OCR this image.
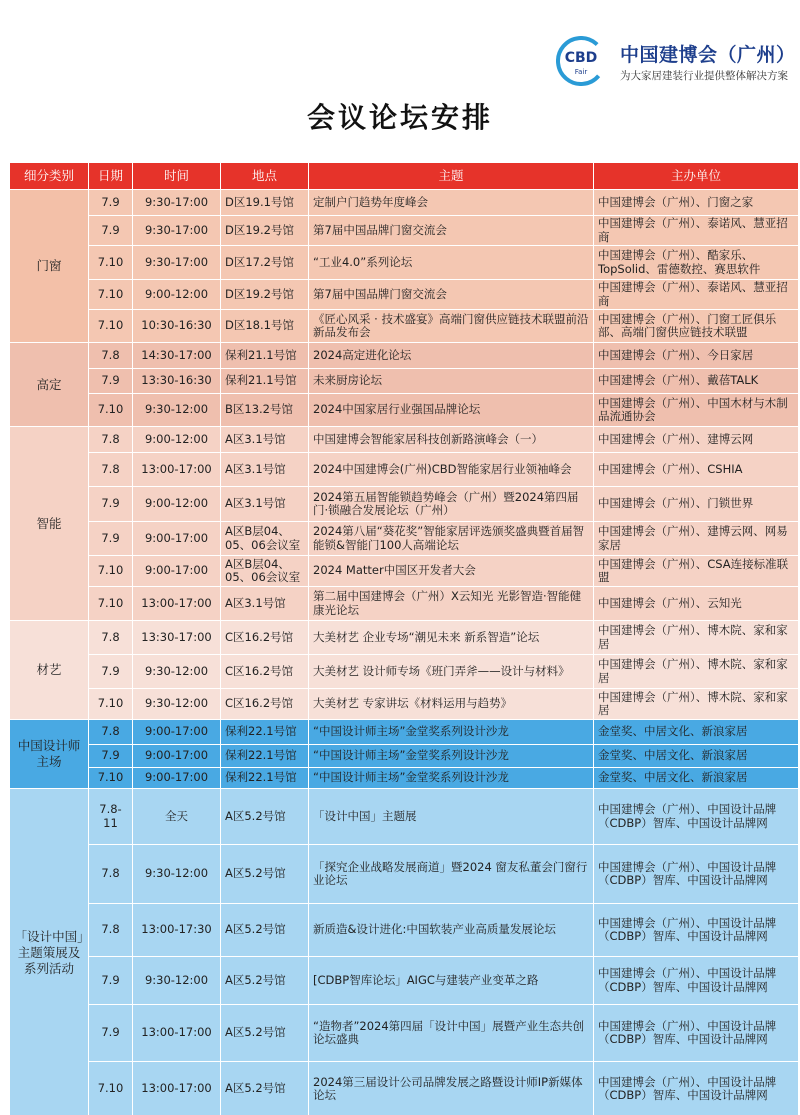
CBD
Fair
中国建博会（广州）
为大家居建装行业提供整体解决方案
会议论坛安排
细分类别	日期	时间	地点	主题	主办单位
门窗	7.9	9:30-17:00	D区19.1号馆	定制户门趋势年度峰会	中国建博会（广州）、门窗之家
	7.9	9:30-17:00	D区19.2号馆	第7届中国品牌门窗交流会	中国建博会（广州）、泰诺风、慧亚招商
	7.10	9:30-17:00	D区17.2号馆	“工业4.0”系列论坛	中国建博会（广州）、酷家乐、TopSolid、雷德数控、赛思软件
	7.10	9:00-12:00	D区19.2号馆	第7届中国品牌门窗交流会	中国建博会（广州）、泰诺风、慧亚招商
	7.10	10:30-16:30	D区18.1号馆	《匠心风采 · 技术盛宴》高端门窗供应链技术联盟前沿新品发布会	中国建博会（广州）、门窗工匠俱乐部、高端门窗供应链技术联盟
高定	7.8	14:30-17:00	保利21.1号馆	2024高定进化论坛	中国建博会（广州）、今日家居
	7.9	13:30-16:30	保利21.1号馆	未来厨房论坛	中国建博会（广州）、戴蓓TALK
	7.10	9:30-12:00	B区13.2号馆	2024中国家居行业强国品牌论坛	中国建博会（广州）、中国木材与木制品流通协会
智能	7.8	9:00-12:00	A区3.1号馆	中国建博会智能家居科技创新路演峰会（一）	中国建博会（广州）、建博云网
	7.8	13:00-17:00	A区3.1号馆	2024中国建博会(广州)CBD智能家居行业领袖峰会	中国建博会（广州）、CSHIA
	7.9	9:00-12:00	A区3.1号馆	2024第五届智能锁趋势峰会（广州）暨2024第四届门·锁融合发展论坛（广州）	中国建博会（广州）、门锁世界
	7.9	9:00-17:00	A区B层04、05、06会议室	2024第八届“葵花奖”智能家居评选颁奖盛典暨首届智能锁&智能门100人高端论坛	中国建博会（广州）、建博云网、网易家居
	7.10	9:00-17:00	A区B层04、05、06会议室	2024 Matter中国区开发者大会	中国建博会（广州）、CSA连接标准联盟
	7.10	13:00-17:00	A区3.1号馆	第二届中国建博会（广州）X云知光 光影智造·智能健康光论坛	中国建博会（广州）、云知光
材艺	7.8	13:30-17:00	C区16.2号馆	大美材艺 企业专场“潮见未来 新系智造”论坛	中国建博会（广州）、博木院、家和家居
	7.9	9:30-12:00	C区16.2号馆	大美材艺 设计师专场《班门弄斧——设计与材料》	中国建博会（广州）、博木院、家和家居
	7.10	9:30-12:00	C区16.2号馆	大美材艺 专家讲坛《材料运用与趋势》	中国建博会（广州）、博木院、家和家居
中国设计师主场	7.8	9:00-17:00	保利22.1号馆	“中国设计师主场”金堂奖系列设计沙龙	金堂奖、中居文化、新浪家居
	7.9	9:00-17:00	保利22.1号馆	“中国设计师主场”金堂奖系列设计沙龙	金堂奖、中居文化、新浪家居
	7.10	9:00-17:00	保利22.1号馆	“中国设计师主场”金堂奖系列设计沙龙	金堂奖、中居文化、新浪家居
「设计中国」主题策展及系列活动	7.8-11	全天	A区5.2号馆	「设计中国」主题展	中国建博会（广州）、中国设计品牌（CDBP）智库、中国设计品牌网
	7.8	9:30-12:00	A区5.2号馆	「探究企业战略发展商道」暨2024 窗友私董会门窗行业论坛	中国建博会（广州）、中国设计品牌（CDBP）智库、中国设计品牌网
	7.8	13:00-17:30	A区5.2号馆	新质造&设计进化:中国软装产业高质量发展论坛	中国建博会（广州）、中国设计品牌（CDBP）智库、中国设计品牌网
	7.9	9:30-12:00	A区5.2号馆	[CDBP智库论坛」AIGC与建装产业变革之路	中国建博会（广州）、中国设计品牌（CDBP）智库、中国设计品牌网
	7.9	13:00-17:00	A区5.2号馆	“造物者”2024第四届「设计中国」展暨产业生态共创论坛盛典	中国建博会（广州）、中国设计品牌（CDBP）智库、中国设计品牌网
	7.10	13:00-17:00	A区5.2号馆	2024第三届设计公司品牌发展之路暨设计师IP新媒体论坛	中国建博会（广州）、中国设计品牌（CDBP）智库、中国设计品牌网
